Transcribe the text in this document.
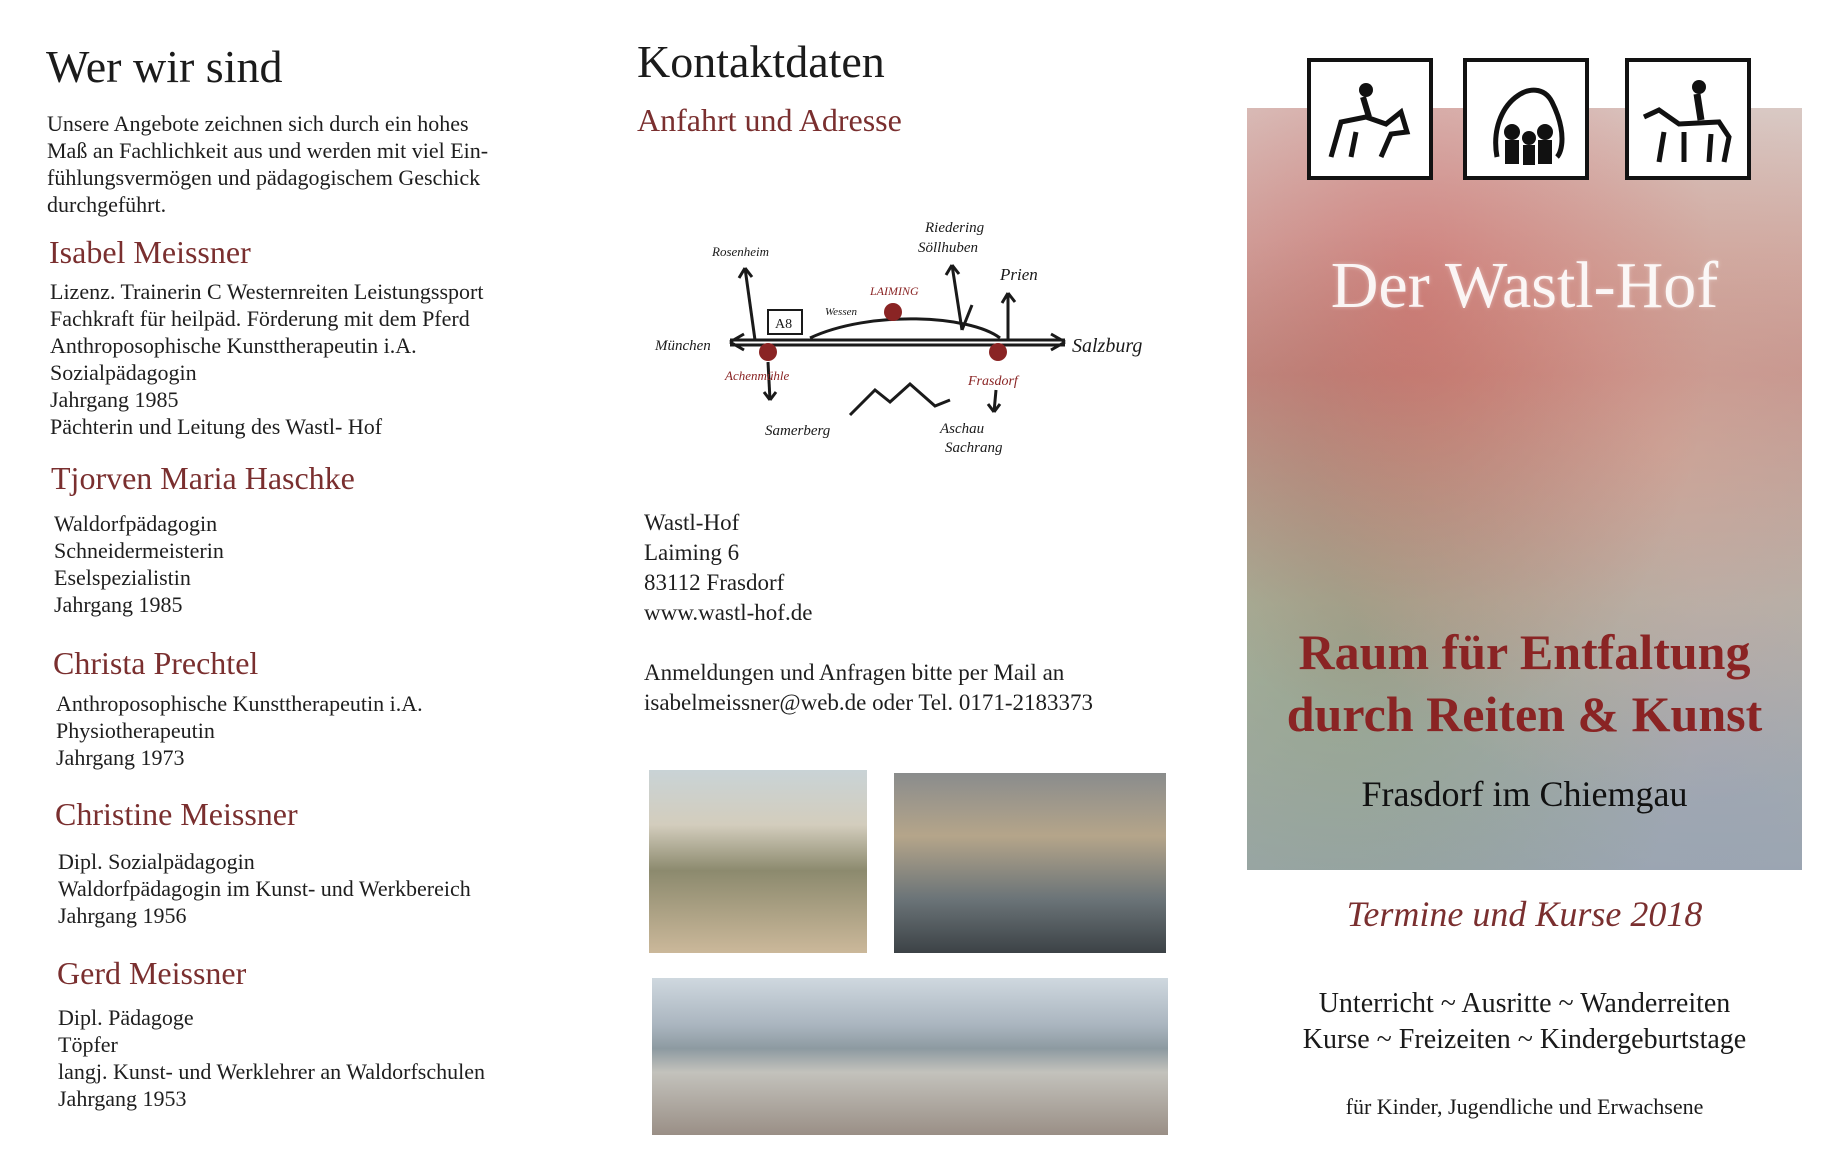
Wer wir sind
Unsere Angebote zeichnen sich durch ein hohes
Maß an Fachlichkeit aus und werden mit viel Ein-
fühlungsvermögen und pädagogischem Geschick
durchgeführt.
Isabel Meissner
Lizenz. Trainerin C Westernreiten Leistungssport
Fachkraft für heilpäd. Förderung mit dem Pferd
Anthroposophische Kunsttherapeutin i.A.
Sozialpädagogin
Jahrgang 1985
Pächterin und Leitung des Wastl- Hof
Tjorven Maria Haschke
Waldorfpädagogin
Schneidermeisterin
Eselspezialistin
Jahrgang 1985
Christa Prechtel
Anthroposophische Kunsttherapeutin i.A.
Physiotherapeutin
Jahrgang 1973
Christine Meissner
Dipl. Sozialpädagogin
Waldorfpädagogin im Kunst- und Werkbereich
Jahrgang 1956
Gerd Meissner
Dipl. Pädagoge
Töpfer
langj. Kunst- und Werklehrer an Waldorfschulen
Jahrgang 1953
Kontaktdaten
Anfahrt und Adresse
München	Salzburg
Rosenheim
Riedering
Söllhuben
Prien
LAIMING
Wessen
A8
Achenmühle	Frasdorf
Samerberg	Aschau
Sachrang
Wastl-Hof
Laiming 6
83112 Frasdorf
www.wastl-hof.de
Anmeldungen und Anfragen bitte per Mail an
isabelmeissner@web.de oder Tel. 0171-2183373
Der Wastl-Hof
Raum für Entfaltung
durch Reiten & Kunst
Frasdorf im Chiemgau
Termine und Kurse 2018
Unterricht ~ Ausritte ~ Wanderreiten
Kurse ~ Freizeiten ~ Kindergeburtstage
für Kinder, Jugendliche und Erwachsene
